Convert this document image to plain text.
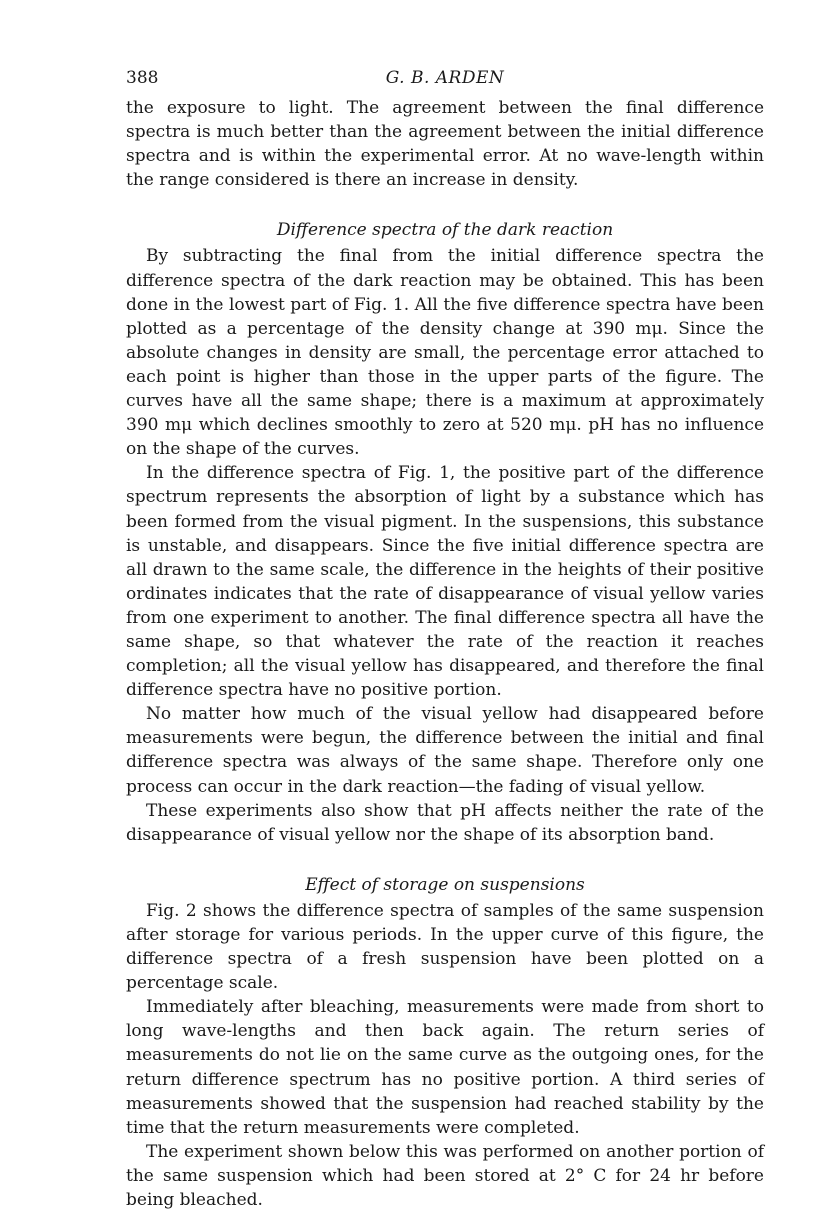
388	G. B. ARDEN

the exposure to light. The agreement between the final difference spectra is much better than the agreement between the initial difference spectra and is within the experimental error. At no wave-length within the range considered is there an increase in density.

Difference spectra of the dark reaction

By subtracting the final from the initial difference spectra the difference spectra of the dark reaction may be obtained. This has been done in the lowest part of Fig. 1. All the five difference spectra have been plotted as a percentage of the density change at 390 mμ. Since the absolute changes in density are small, the percentage error attached to each point is higher than those in the upper parts of the figure. The curves have all the same shape; there is a maximum at approximately 390 mμ which declines smoothly to zero at 520 mμ. pH has no influence on the shape of the curves.

In the difference spectra of Fig. 1, the positive part of the difference spectrum represents the absorption of light by a substance which has been formed from the visual pigment. In the suspensions, this substance is unstable, and disappears. Since the five initial difference spectra are all drawn to the same scale, the difference in the heights of their positive ordinates indicates that the rate of disappearance of visual yellow varies from one experiment to another. The final difference spectra all have the same shape, so that whatever the rate of the reaction it reaches completion; all the visual yellow has disappeared, and therefore the final difference spectra have no positive portion.

No matter how much of the visual yellow had disappeared before measurements were begun, the difference between the initial and final difference spectra was always of the same shape. Therefore only one process can occur in the dark reaction—the fading of visual yellow.

These experiments also show that pH affects neither the rate of the disappearance of visual yellow nor the shape of its absorption band.

Effect of storage on suspensions

Fig. 2 shows the difference spectra of samples of the same suspension after storage for various periods. In the upper curve of this figure, the difference spectra of a fresh suspension have been plotted on a percentage scale.

Immediately after bleaching, measurements were made from short to long wave-lengths and then back again. The return series of measurements do not lie on the same curve as the outgoing ones, for the return difference spectrum has no positive portion. A third series of measurements showed that the suspension had reached stability by the time that the return measurements were completed.

The experiment shown below this was performed on another portion of the same suspension which had been stored at 2° C for 24 hr before being bleached.
